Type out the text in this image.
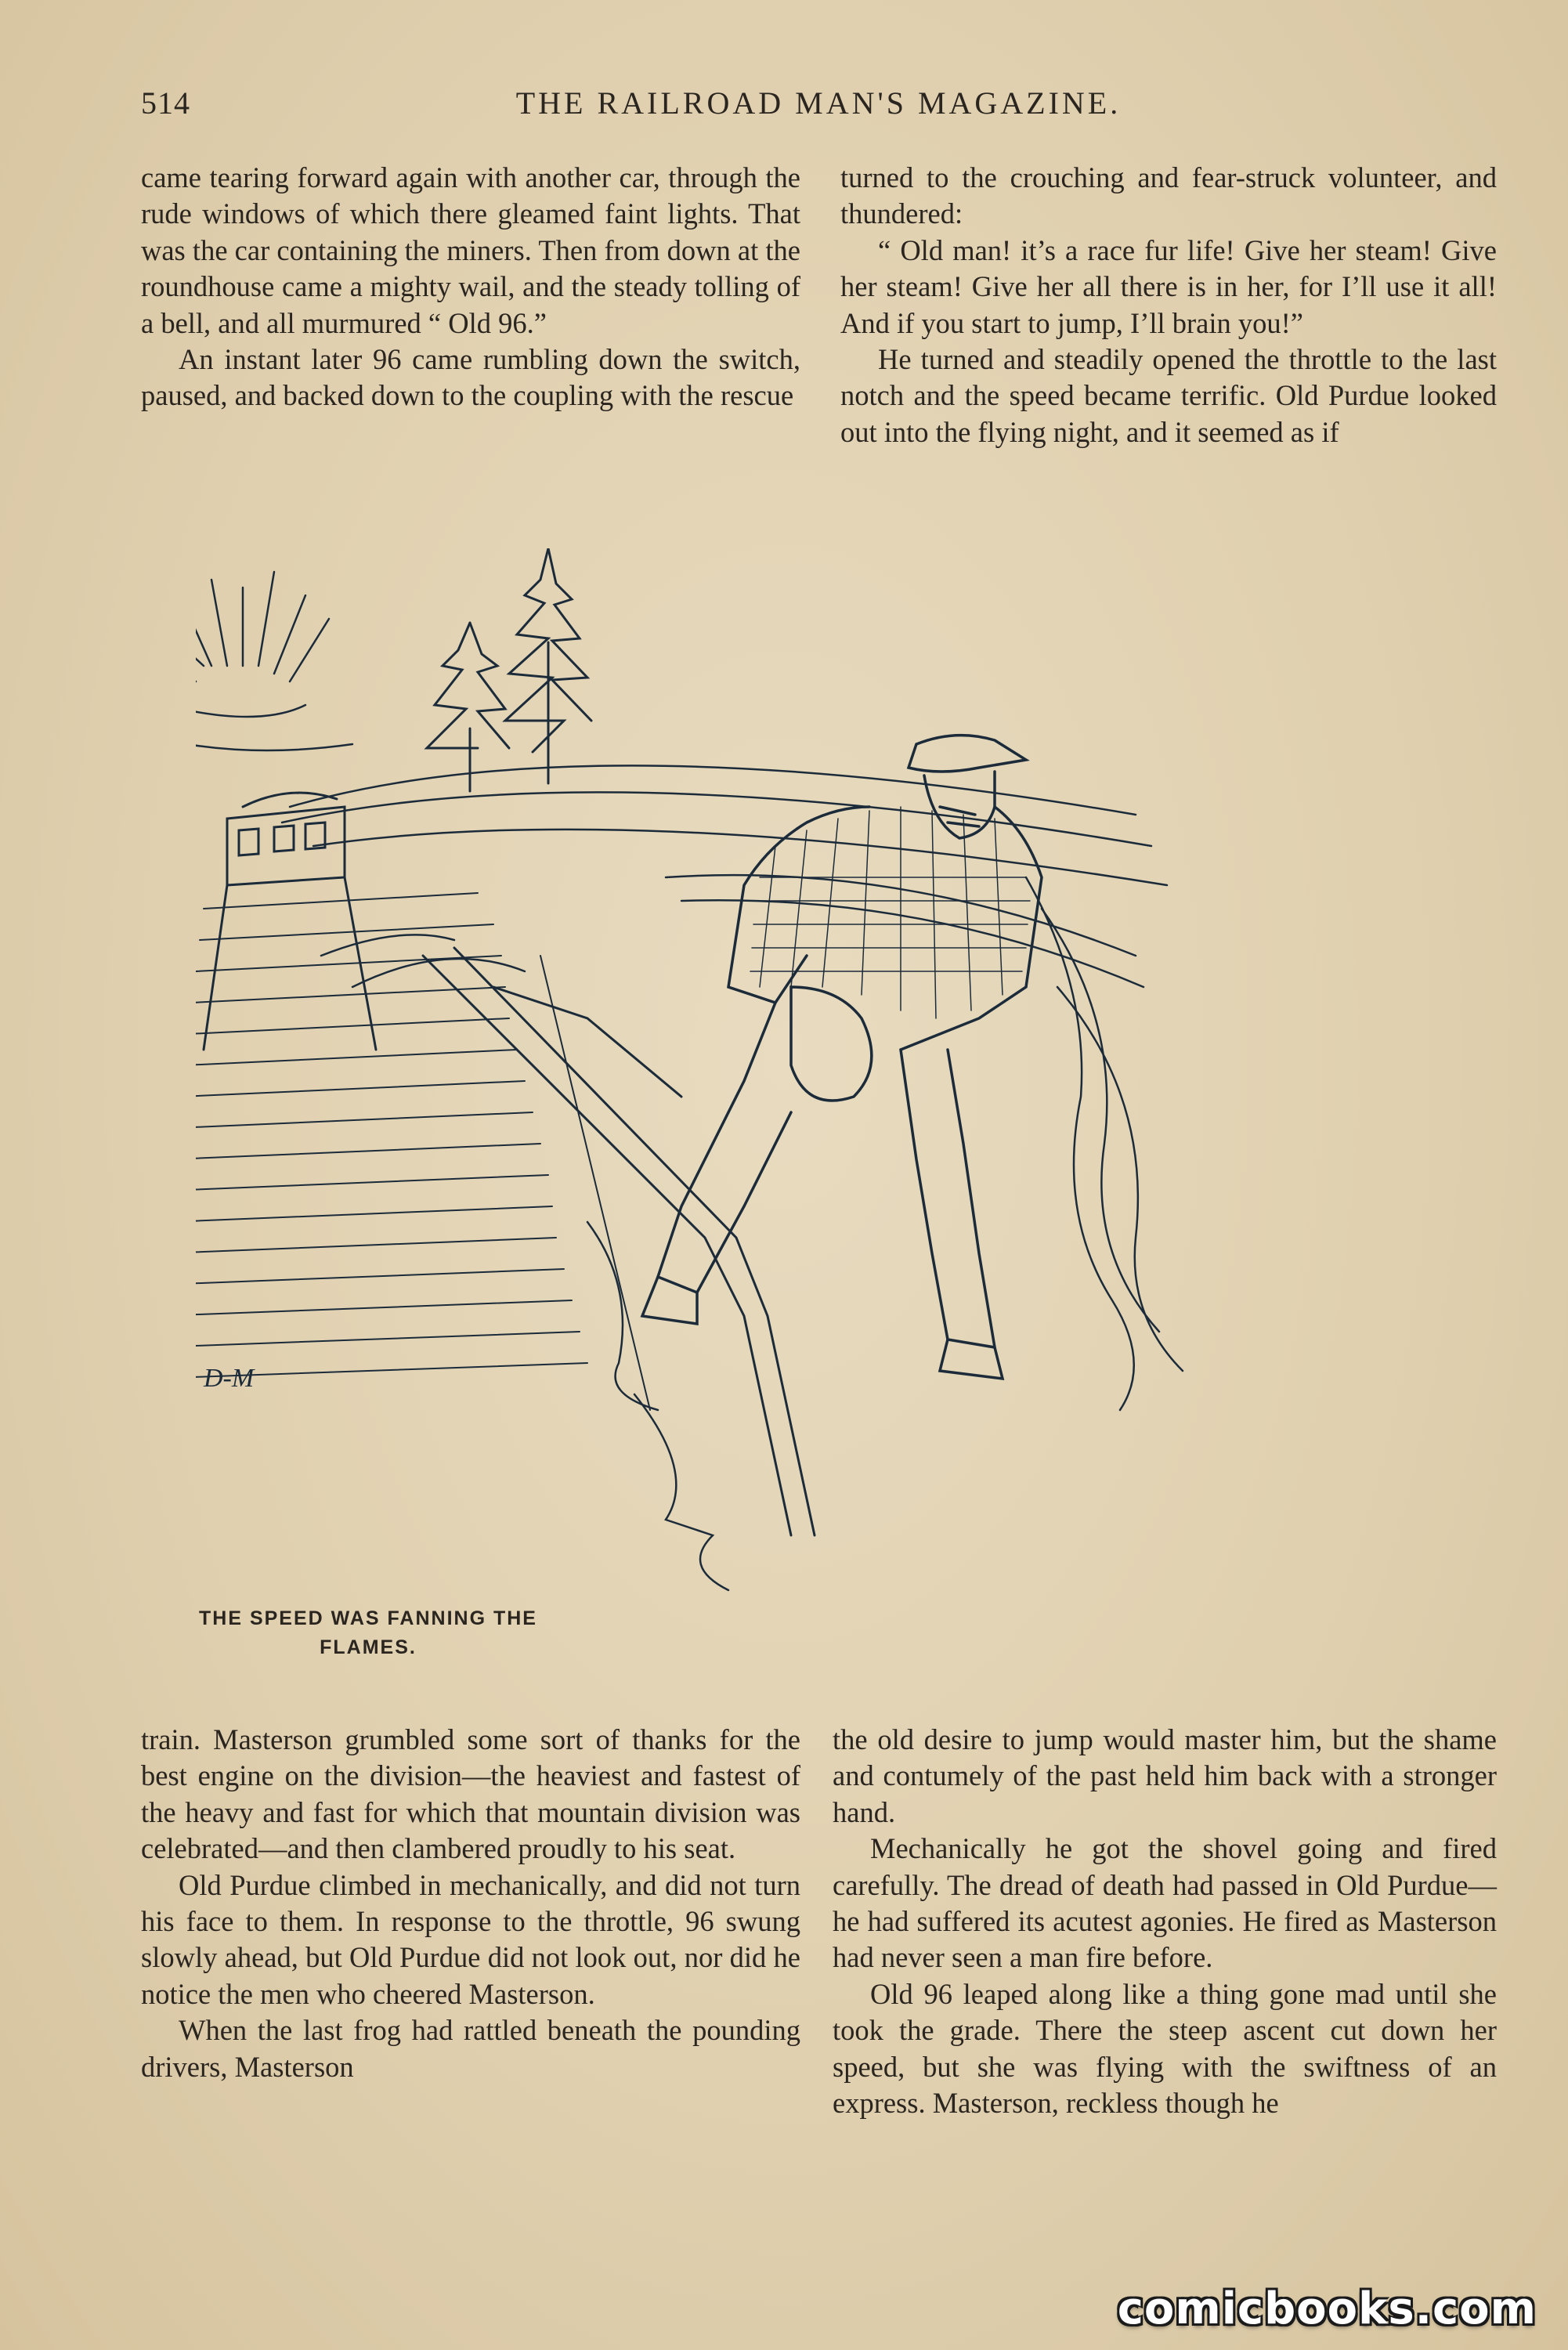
514	THE RAILROAD MAN'S MAGAZINE.

came tearing forward again with another car, through the rude windows of which there gleamed faint lights. That was the car containing the miners. Then from down at the roundhouse came a mighty wail, and the steady tolling of a bell, and all murmured “ Old 96.”

An instant later 96 came rumbling down the switch, paused, and backed down to the coupling with the rescue

turned to the crouching and fear-struck volunteer, and thundered:

“ Old man! it’s a race fur life! Give her steam! Give her steam! Give her all there is in her, for I’ll use it all! And if you start to jump, I’ll brain you!”

He turned and steadily opened the throttle to the last notch and the speed became terrific. Old Purdue looked out into the flying night, and it seemed as if

D-M
THE SPEED WAS FANNING THE
FLAMES.

train. Masterson grumbled some sort of thanks for the best engine on the division—the heaviest and fastest of the heavy and fast for which that mountain division was celebrated—and then clambered proudly to his seat.

Old Purdue climbed in mechanically, and did not turn his face to them. In response to the throttle, 96 swung slowly ahead, but Old Purdue did not look out, nor did he notice the men who cheered Masterson.

When the last frog had rattled beneath the pounding drivers, Masterson

the old desire to jump would master him, but the shame and contumely of the past held him back with a stronger hand.

Mechanically he got the shovel going and fired carefully. The dread of death had passed in Old Purdue—he had suffered its acutest agonies. He fired as Masterson had never seen a man fire before.

Old 96 leaped along like a thing gone mad until she took the grade. There the steep ascent cut down her speed, but she was flying with the swiftness of an express. Masterson, reckless though he

comicbooks.com
